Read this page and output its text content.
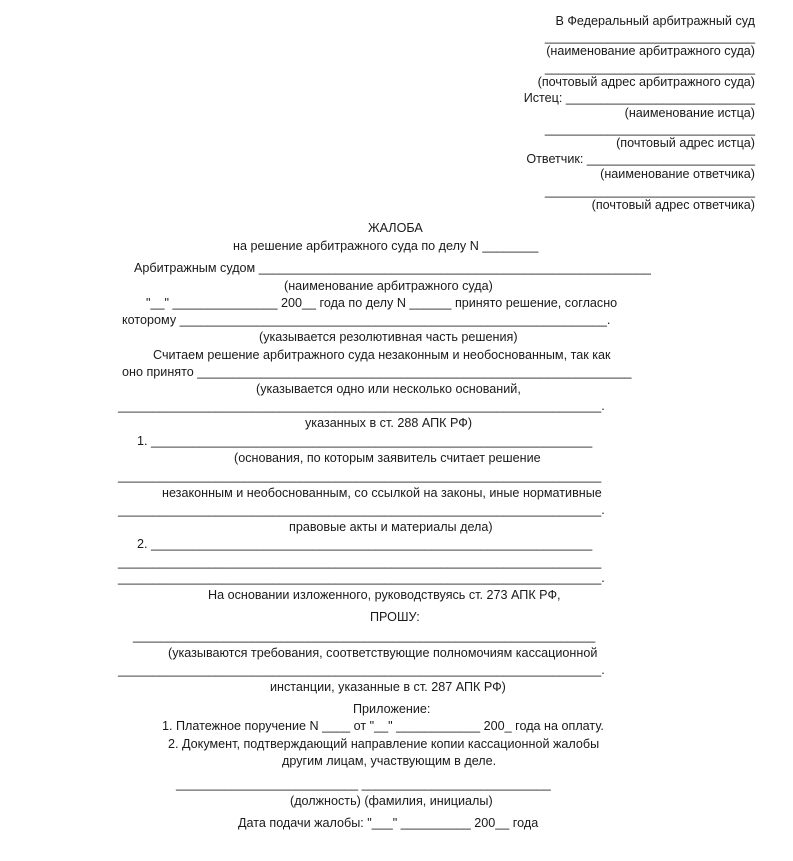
В Федеральный арбитражный суд

______________________________

(наименование арбитражного суда)

______________________________

(почтовый адрес арбитражного суда)

Истец: ___________________________

(наименование истца)

______________________________

(почтовый адрес истца)

Ответчик: ________________________

(наименование ответчика)

______________________________

(почтовый адрес ответчика)

ЖАЛОБА

на решение арбитражного суда по делу N ________

Арбитражным судом ________________________________________________________

(наименование арбитражного суда)

"__" _______________ 200__ года по делу N ______ принято решение, согласно

которому _____________________________________________________________.

(указывается резолютивная часть решения)

Считаем решение арбитражного суда незаконным и необоснованным, так как

оно принято ______________________________________________________________

(указывается одно или несколько оснований,

_____________________________________________________________________.

указанных в ст. 288 АПК РФ)

1. _______________________________________________________________

(основания, по которым заявитель считает решение

_____________________________________________________________________

незаконным и необоснованным, со ссылкой на законы, иные нормативные

_____________________________________________________________________.

правовые акты и материалы дела)

2. _______________________________________________________________

_____________________________________________________________________

_____________________________________________________________________.

На основании изложенного, руководствуясь ст. 273 АПК РФ,

ПРОШУ:

__________________________________________________________________

(указываются требования, соответствующие полномочиям кассационной

_____________________________________________________________________.

инстанции, указанные в ст. 287 АПК РФ)

Приложение:

1. Платежное поручение N ____ от "__" ____________ 200_ года на оплату.

2. Документ, подтверждающий направление копии кассационной жалобы

другим лицам, участвующим в деле.

__________________________ ___________________________

(должность) (фамилия, инициалы)

Дата подачи жалобы: "___" __________ 200__ года
